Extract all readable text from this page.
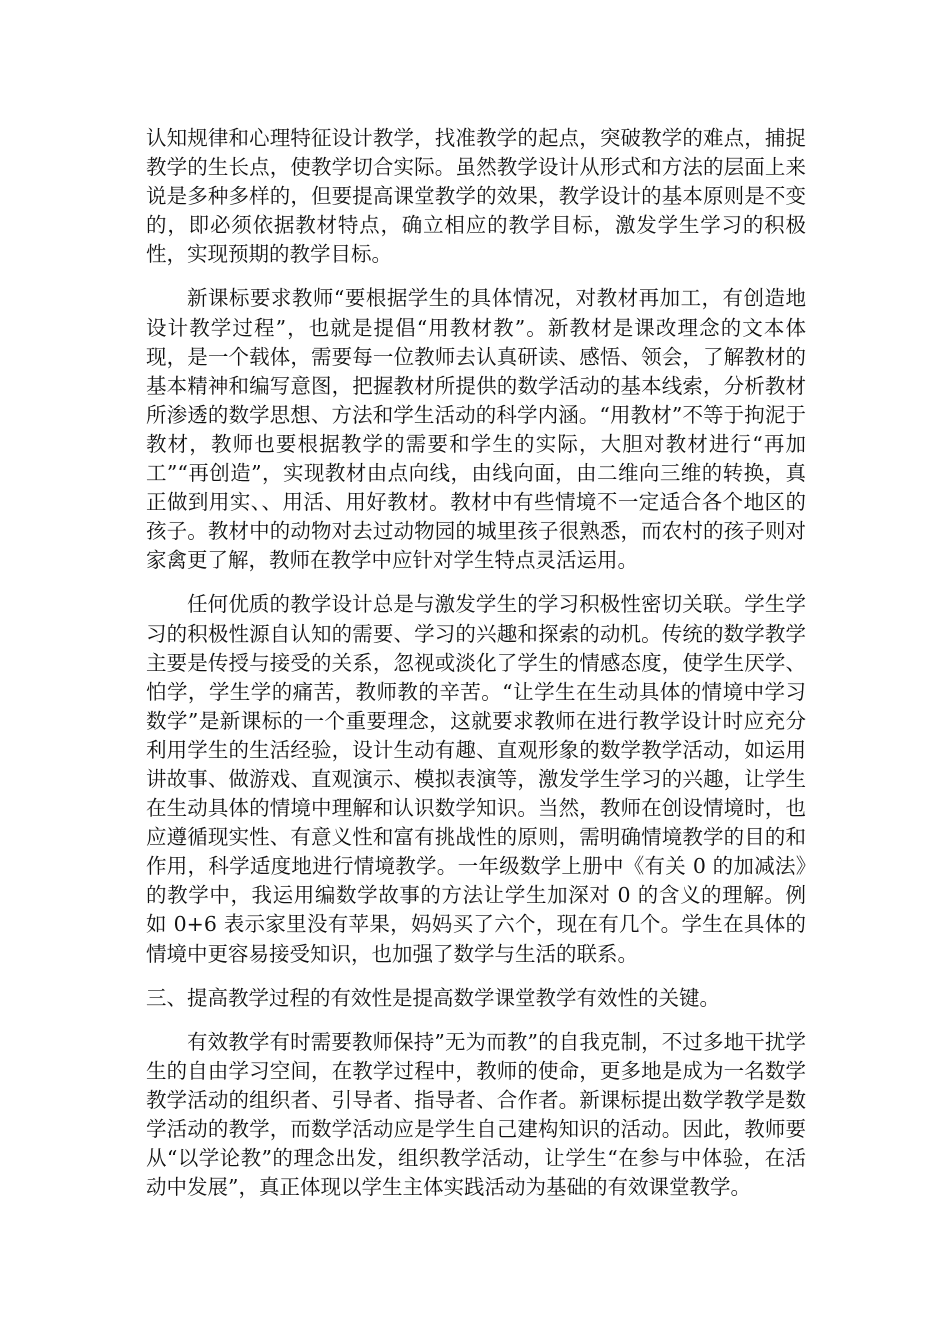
认知规律和心理特征设计教学，找准教学的起点，突破教学的难点，捕捉教学的生长点，使教学切合实际。虽然教学设计从形式和方法的层面上来说是多种多样的，但要提高课堂教学的效果，教学设计的基本原则是不变的，即必须依据教材特点，确立相应的教学目标，激发学生学习的积极性，实现预期的教学目标。

新课标要求教师“要根据学生的具体情况，对教材再加工，有创造地设计教学过程”，也就是提倡“用教材教”。新教材是课改理念的文本体现，是一个载体，需要每一位教师去认真研读、感悟、领会，了解教材的基本精神和编写意图，把握教材所提供的数学活动的基本线索，分析教材所渗透的数学思想、方法和学生活动的科学内涵。“用教材”不等于拘泥于教材，教师也要根据教学的需要和学生的实际，大胆对教材进行“再加工”“再创造”，实现教材由点向线，由线向面，由二维向三维的转换，真正做到用实、、用活、用好教材。教材中有些情境不一定适合各个地区的孩子。教材中的动物对去过动物园的城里孩子很熟悉，而农村的孩子则对家禽更了解，教师在教学中应针对学生特点灵活运用。

任何优质的教学设计总是与激发学生的学习积极性密切关联。学生学习的积极性源自认知的需要、学习的兴趣和探索的动机。传统的数学教学主要是传授与接受的关系，忽视或淡化了学生的情感态度，使学生厌学、怕学，学生学的痛苦，教师教的辛苦。“让学生在生动具体的情境中学习数学”是新课标的一个重要理念，这就要求教师在进行教学设计时应充分利用学生的生活经验，设计生动有趣、直观形象的数学教学活动，如运用讲故事、做游戏、直观演示、模拟表演等，激发学生学习的兴趣，让学生在生动具体的情境中理解和认识数学知识。当然，教师在创设情境时，也应遵循现实性、有意义性和富有挑战性的原则，需明确情境教学的目的和作用，科学适度地进行情境教学。一年级数学上册中《有关 0 的加减法》的教学中，我运用编数学故事的方法让学生加深对 0 的含义的理解。例如 0+6 表示家里没有苹果，妈妈买了六个，现在有几个。学生在具体的情境中更容易接受知识，也加强了数学与生活的联系。

三、提高教学过程的有效性是提高数学课堂教学有效性的关键。

有效教学有时需要教师保持”无为而教”的自我克制，不过多地干扰学生的自由学习空间，在教学过程中，教师的使命，更多地是成为一名数学教学活动的组织者、引导者、指导者、合作者。新课标提出数学教学是数学活动的教学，而数学活动应是学生自己建构知识的活动。因此，教师要从“以学论教”的理念出发，组织教学活动，让学生“在参与中体验，在活动中发展”，真正体现以学生主体实践活动为基础的有效课堂教学。
